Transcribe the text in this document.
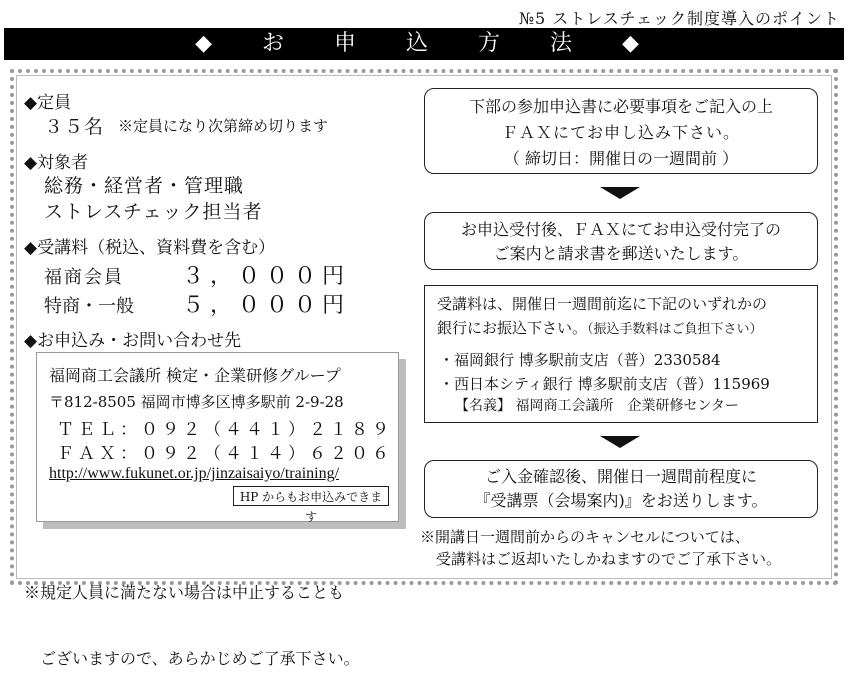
№5 ストレスチェック制度導入のポイント
◆　お　申　込　方　法　◆
◆定員
３５名 ※定員になり次第締め切ります
◆対象者
総務・経営者・管理職
ストレスチェック担当者
◆受講料（税込、資料費を含む）
福商会員	３，０００円
特商・一般 ５，０００円
◆お申込み・お問い合わせ先
福岡商工会議所 検定・企業研修グループ
〒812-8505 福岡市博多区博多駅前 2-9-28
ＴＥＬ：０９２（４４１）２１８９
ＦＡＸ：０９２（４１４）６２０６
http://www.fukunet.or.jp/jinzaisaiyo/training/
HP からもお申込みできます

※規定人員に満たない場合は中止することも

　ございますので、あらかじめご了承下さい。

下部の参加申込書に必要事項をご記入の上
ＦＡＸにてお申し込み下さい。
（ 締切日：開催日の一週間前 ）
お申込受付後、ＦＡＸにてお申込受付完了の
ご案内と請求書を郵送いたします。
受講料は、開催日一週間前迄に下記のいずれかの
銀行にお振込下さい。（振込手数料はご負担下さい）
・福岡銀行 博多駅前支店（普）2330584
・西日本シティ銀行 博多駅前支店（普）115969
【名義】 福岡商工会議所　企業研修センター
ご入金確認後、開催日一週間前程度に
『受講票（会場案内)』をお送りします。
※開講日一週間前からのキャンセルについては、
受講料はご返却いたしかねますのでご了承下さい。
